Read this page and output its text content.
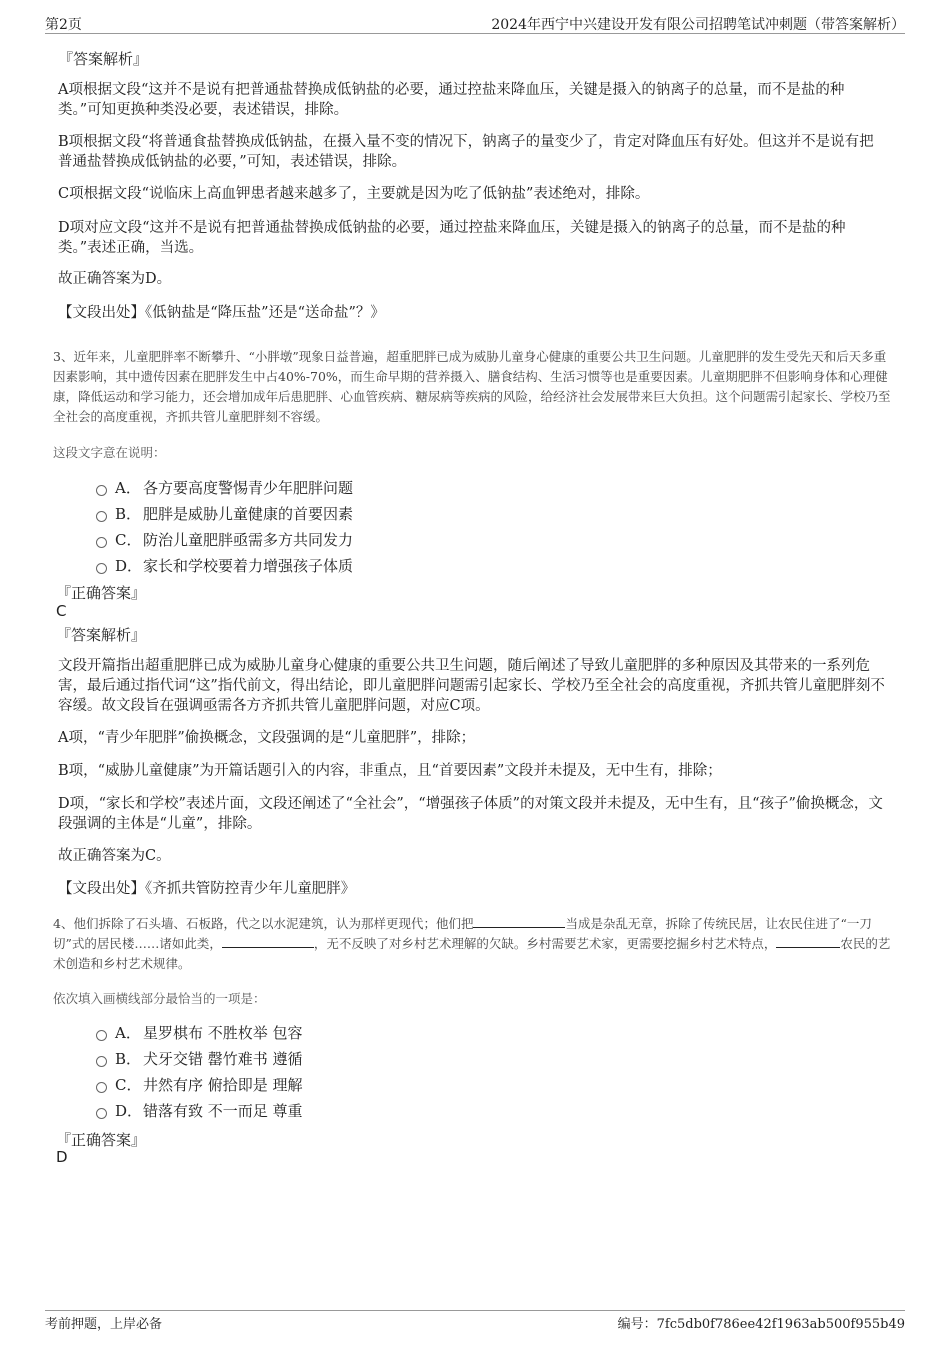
第2页	2024年西宁中兴建设开发有限公司招聘笔试冲刺题（带答案解析）
『答案解析』
A项根据文段“这并不是说有把普通盐替换成低钠盐的必要，通过控盐来降血压，关键是摄入的钠离子的总量，而不是盐的种类。”可知更换种类没必要，表述错误，排除。
B项根据文段“将普通食盐替换成低钠盐，在摄入量不变的情况下，钠离子的量变少了，肯定对降血压有好处。但这并不是说有把普通盐替换成低钠盐的必要，”可知，表述错误，排除。
C项根据文段“说临床上高血钾患者越来越多了，主要就是因为吃了低钠盐”表述绝对，排除。
D项对应文段“这并不是说有把普通盐替换成低钠盐的必要，通过控盐来降血压，关键是摄入的钠离子的总量，而不是盐的种类。”表述正确，当选。
故正确答案为D。
【文段出处】《低钠盐是“降压盐”还是“送命盐”？》
3、近年来，儿童肥胖率不断攀升、“小胖墩”现象日益普遍，超重肥胖已成为威胁儿童身心健康的重要公共卫生问题。儿童肥胖的发生受先天和后天多重因素影响，其中遗传因素在肥胖发生中占40%-70%，而生命早期的营养摄入、膳食结构、生活习惯等也是重要因素。儿童期肥胖不但影响身体和心理健康，降低运动和学习能力，还会增加成年后患肥胖、心血管疾病、糖尿病等疾病的风险，给经济社会发展带来巨大负担。这个问题需引起家长、学校乃至全社会的高度重视，齐抓共管儿童肥胖刻不容缓。
这段文字意在说明：
A． 各方要高度警惕青少年肥胖问题
B． 肥胖是威胁儿童健康的首要因素
C． 防治儿童肥胖亟需多方共同发力
D． 家长和学校要着力增强孩子体质
『正确答案』
C
『答案解析』
文段开篇指出超重肥胖已成为威胁儿童身心健康的重要公共卫生问题，随后阐述了导致儿童肥胖的多种原因及其带来的一系列危害，最后通过指代词“这”指代前文，得出结论，即儿童肥胖问题需引起家长、学校乃至全社会的高度重视，齐抓共管儿童肥胖刻不容缓。故文段旨在强调亟需各方齐抓共管儿童肥胖问题，对应C项。
A项，“青少年肥胖”偷换概念，文段强调的是“儿童肥胖”，排除；
B项，“威胁儿童健康”为开篇话题引入的内容，非重点，且“首要因素”文段并未提及，无中生有，排除；
D项，“家长和学校”表述片面，文段还阐述了“全社会”，“增强孩子体质”的对策文段并未提及，无中生有，且“孩子”偷换概念，文段强调的主体是“儿童”，排除。
故正确答案为C。
【文段出处】《齐抓共管防控青少年儿童肥胖》
4、他们拆除了石头墙、石板路，代之以水泥建筑，认为那样更现代；他们把	当成是杂乱无章，拆除了传统民居，让农民住进了“一刀切”式的居民楼……诸如此类，	，无不反映了对乡村艺术理解的欠缺。乡村需要艺术家，更需要挖掘乡村艺术特点，	农民的艺术创造和乡村艺术规律。
依次填入画横线部分最恰当的一项是：
A． 星罗棋布 不胜枚举 包容
B． 犬牙交错 罄竹难书 遵循
C． 井然有序 俯拾即是 理解
D． 错落有致 不一而足 尊重
『正确答案』
D
考前押题，上岸必备	编号：7fc5db0f786ee42f1963ab500f955b49
